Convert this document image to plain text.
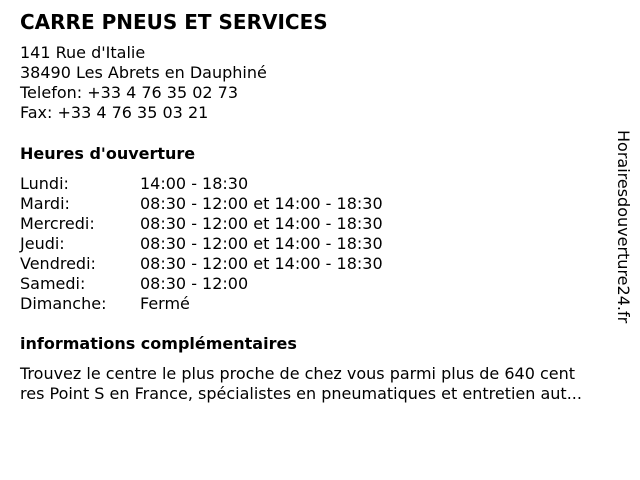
CARRE PNEUS ET SERVICES
141 Rue d'Italie
38490 Les Abrets en Dauphiné
Telefon: +33 4 76 35 02 73
Fax: +33 4 76 35 03 21
Heures d'ouverture
Lundi:	14:00 - 18:30
Mardi:	08:30 - 12:00 et 14:00 - 18:30
Mercredi:	08:30 - 12:00 et 14:00 - 18:30
Jeudi:	08:30 - 12:00 et 14:00 - 18:30
Vendredi:	08:30 - 12:00 et 14:00 - 18:30
Samedi:	08:30 - 12:00
Dimanche: Fermé
informations complémentaires
Trouvez le centre le plus proche de chez vous parmi plus de 640 cent
res Point S en France, spécialistes en pneumatiques et entretien aut...
Horairesdouverture24.fr
